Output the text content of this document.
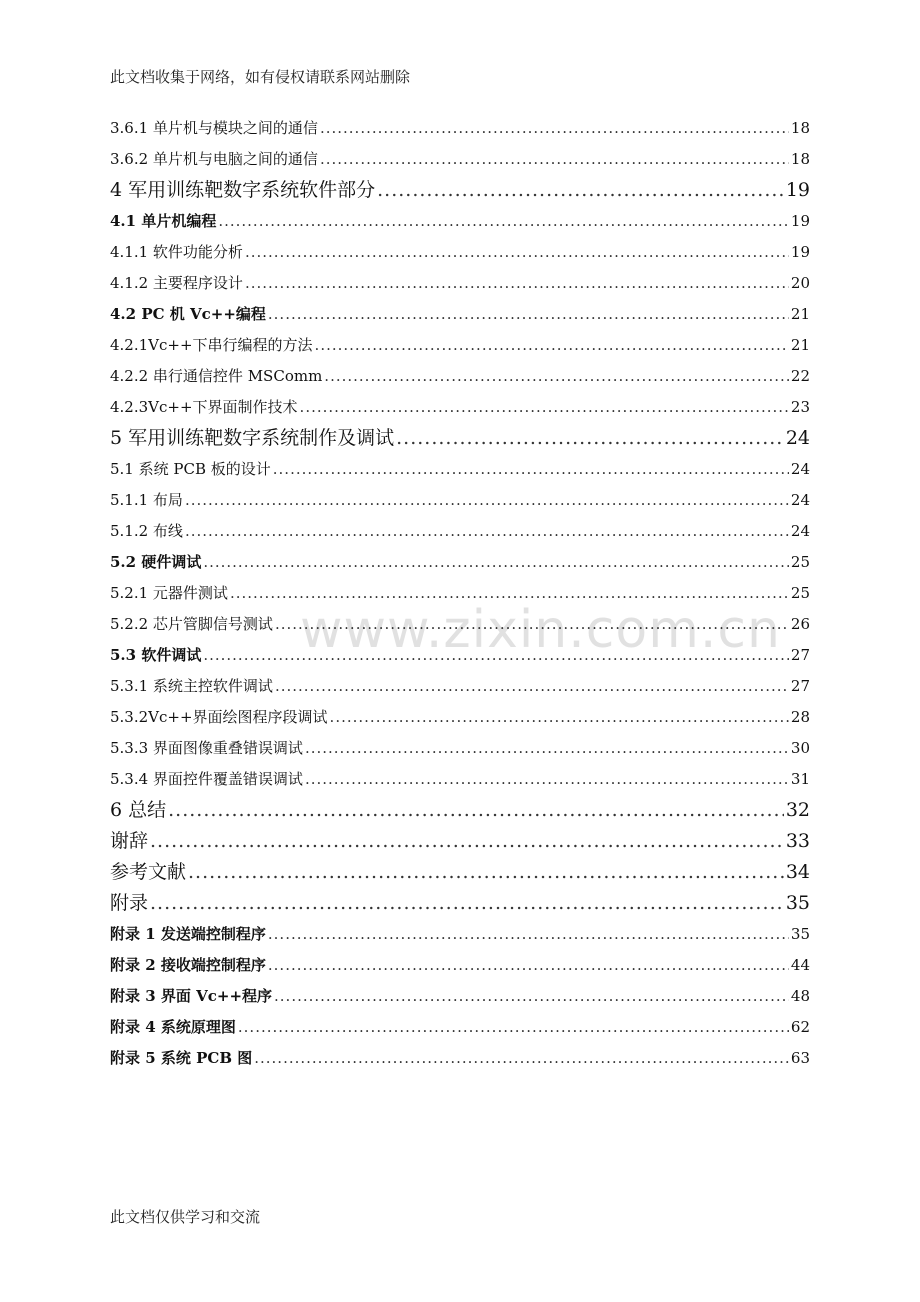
此文档收集于网络，如有侵权请联系网站删除
www.zixin.com.cn
3.6.1 单片机与模块之间的通信 .....	18
3.6.2 单片机与电脑之间的通信 .....	18
4 军用训练靶数字系统软件部分 .....	19
4.1 单片机编程 .....	19
4.1.1 软件功能分析 .....	19
4.1.2 主要程序设计 .....	20
4.2 PC 机 Vc++编程 .....	21
4.2.1Vc++下串行编程的方法 .....	21
4.2.2 串行通信控件 MSComm .....	22
4.2.3Vc++下界面制作技术 .....	23
5 军用训练靶数字系统制作及调试 .....	24
5.1 系统 PCB 板的设计 .....	24
5.1.1 布局 .....	24
5.1.2 布线 .....	24
5.2 硬件调试 .....	25
5.2.1 元器件测试 .....	25
5.2.2 芯片管脚信号测试 .....	26
5.3 软件调试 .....	27
5.3.1 系统主控软件调试 .....	27
5.3.2Vc++界面绘图程序段调试 .....	28
5.3.3 界面图像重叠错误调试 .....	30
5.3.4 界面控件覆盖错误调试 .....	31
6 总结 .....	32
谢辞 .....	33
参考文献 .....	34
附录 .....	35
附录 1 发送端控制程序 .....	35
附录 2 接收端控制程序 .....	44
附录 3 界面 Vc++程序 .....	48
附录 4 系统原理图 .....	62
附录 5 系统 PCB 图 .....	63
此文档仅供学习和交流
